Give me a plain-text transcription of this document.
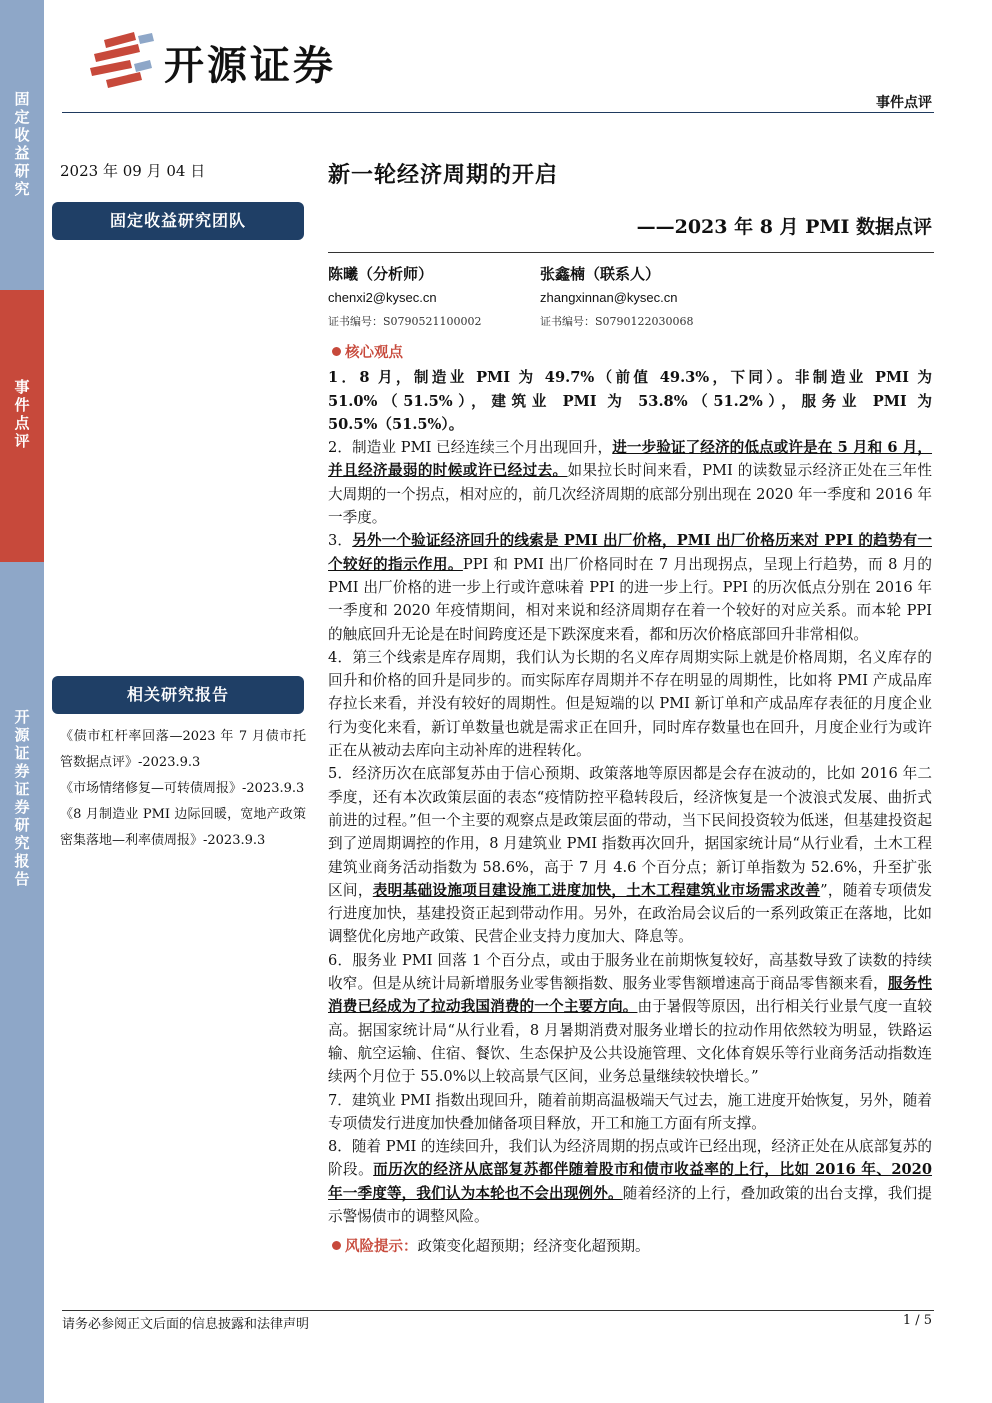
固定收益研究
事件点评
开源证券 证券研究报告
开源证券
事件点评
2023 年 09 月 04 日
固定收益研究团队
相关研究报告
《债市杠杆率回落—2023 年 7 月债市托管数据点评》-2023.9.3
《市场情绪修复—可转债周报》-2023.9.3
《8 月制造业 PMI 边际回暖，宽地产政策密集落地—利率债周报》-2023.9.3
新一轮经济周期的开启
——2023 年 8 月 PMI 数据点评
陈曦（分析师）
chenxi2@kysec.cn
证书编号：S0790521100002
张鑫楠（联系人）
zhangxinnan@kysec.cn
证书编号：S0790122030068
核心观点

1．8 月，制造业 PMI 为 49.7%（前值 49.3%，下同）。非制造业 PMI 为 51.0%（51.5%），建筑业 PMI 为 53.8%（51.2%），服务业 PMI 为 50.5%（51.5%）。

2．制造业 PMI 已经连续三个月出现回升，进一步验证了经济的低点或许是在 5 月和 6 月，并且经济最弱的时候或许已经过去。如果拉长时间来看，PMI 的读数显示经济正处在三年性大周期的一个拐点，相对应的，前几次经济周期的底部分别出现在 2020 年一季度和 2016 年一季度。

3．另外一个验证经济回升的线索是 PMI 出厂价格，PMI 出厂价格历来对 PPI 的趋势有一个较好的指示作用。PPI 和 PMI 出厂价格同时在 7 月出现拐点，呈现上行趋势，而 8 月的 PMI 出厂价格的进一步上行或许意味着 PPI 的进一步上行。PPI 的历次低点分别在 2016 年一季度和 2020 年疫情期间，相对来说和经济周期存在着一个较好的对应关系。而本轮 PPI 的触底回升无论是在时间跨度还是下跌深度来看，都和历次价格底部回升非常相似。

4．第三个线索是库存周期，我们认为长期的名义库存周期实际上就是价格周期，名义库存的回升和价格的回升是同步的。而实际库存周期并不存在明显的周期性，比如将 PMI 产成品库存拉长来看，并没有较好的周期性。但是短端的以 PMI 新订单和产成品库存表征的月度企业行为变化来看，新订单数量也就是需求正在回升，同时库存数量也在回升，月度企业行为或许正在从被动去库向主动补库的进程转化。

5．经济历次在底部复苏由于信心预期、政策落地等原因都是会存在波动的，比如 2016 年二季度，还有本次政策层面的表态“疫情防控平稳转段后，经济恢复是一个波浪式发展、曲折式前进的过程。”但一个主要的观察点是政策层面的带动，当下民间投资较为低迷，但基建投资起到了逆周期调控的作用，8 月建筑业 PMI 指数再次回升，据国家统计局“从行业看，土木工程建筑业商务活动指数为 58.6%，高于 7 月 4.6 个百分点；新订单指数为 52.6%，升至扩张区间，表明基础设施项目建设施工进度加快，土木工程建筑业市场需求改善”，随着专项债发行进度加快，基建投资正起到带动作用。另外，在政治局会议后的一系列政策正在落地，比如调整优化房地产政策、民营企业支持力度加大、降息等。

6．服务业 PMI 回落 1 个百分点，或由于服务业在前期恢复较好，高基数导致了读数的持续收窄。但是从统计局新增服务业零售额指数、服务业零售额增速高于商品零售额来看，服务性消费已经成为了拉动我国消费的一个主要方向。由于暑假等原因，出行相关行业景气度一直较高。据国家统计局“从行业看，8 月暑期消费对服务业增长的拉动作用依然较为明显，铁路运输、航空运输、住宿、餐饮、生态保护及公共设施管理、文化体育娱乐等行业商务活动指数连续两个月位于 55.0%以上较高景气区间，业务总量继续较快增长。”

7．建筑业 PMI 指数出现回升，随着前期高温极端天气过去，施工进度开始恢复，另外，随着专项债发行进度加快叠加储备项目释放，开工和施工方面有所支撑。

8．随着 PMI 的连续回升，我们认为经济周期的拐点或许已经出现，经济正处在从底部复苏的阶段。而历次的经济从底部复苏都伴随着股市和债市收益率的上行，比如 2016 年、2020 年一季度等，我们认为本轮也不会出现例外。随着经济的上行，叠加政策的出台支撑，我们提示警惕债市的调整风险。

风险提示：政策变化超预期；经济变化超预期。
请务必参阅正文后面的信息披露和法律声明	1 / 5
